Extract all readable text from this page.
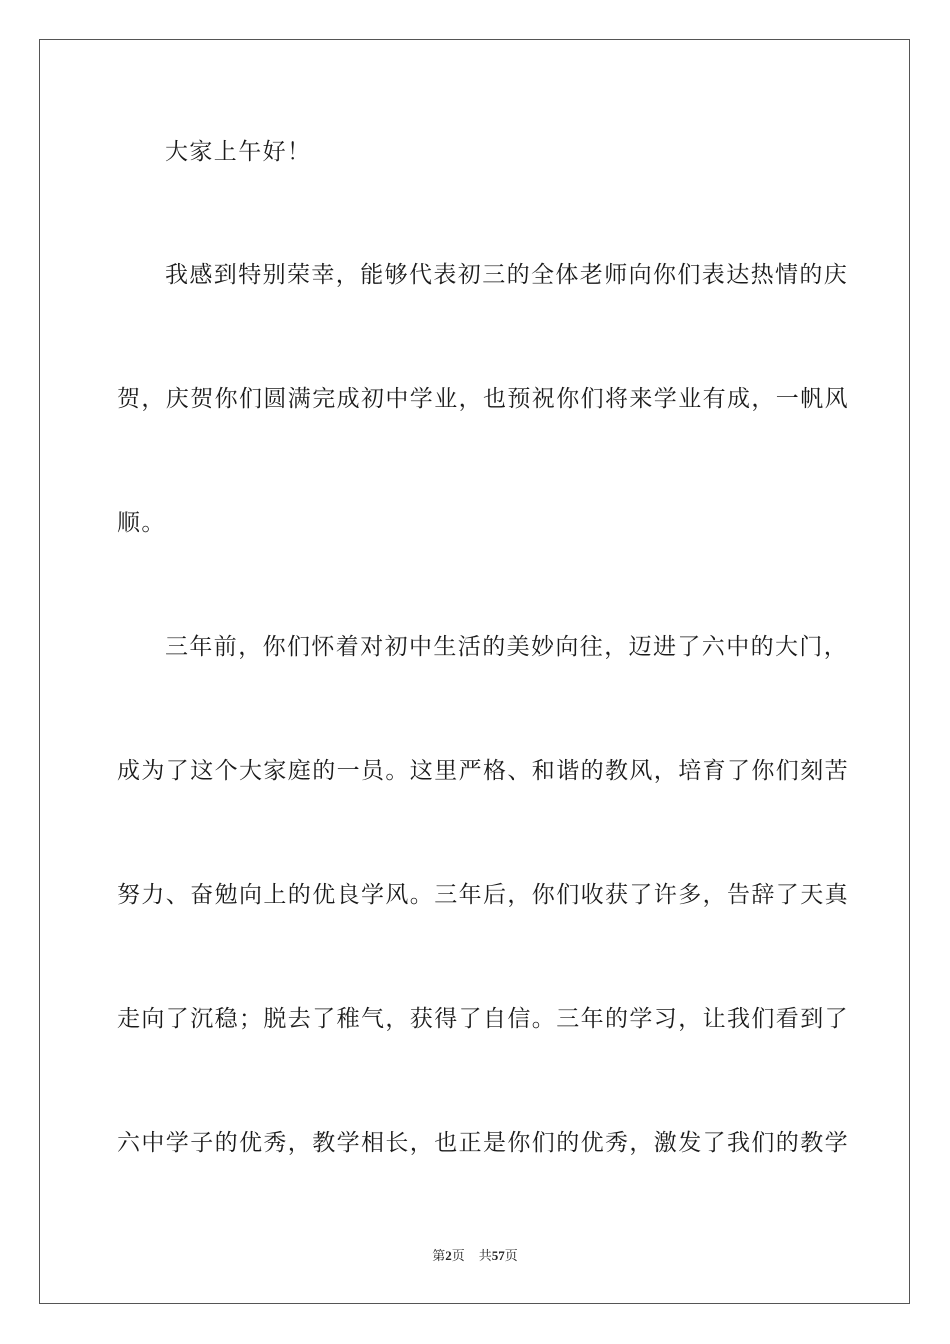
大家上午好！
我感到特别荣幸，能够代表初三的全体老师向你们表达热情的庆
贺，庆贺你们圆满完成初中学业，也预祝你们将来学业有成，一帆风
顺。
三年前，你们怀着对初中生活的美妙向往，迈进了六中的大门，
成为了这个大家庭的一员。这里严格、和谐的教风，培育了你们刻苦
努力、奋勉向上的优良学风。三年后，你们收获了许多，告辞了天真
走向了沉稳；脱去了稚气，获得了自信。三年的学习，让我们看到了
六中学子的优秀，教学相长，也正是你们的优秀，激发了我们的教学
第2页 共57页
